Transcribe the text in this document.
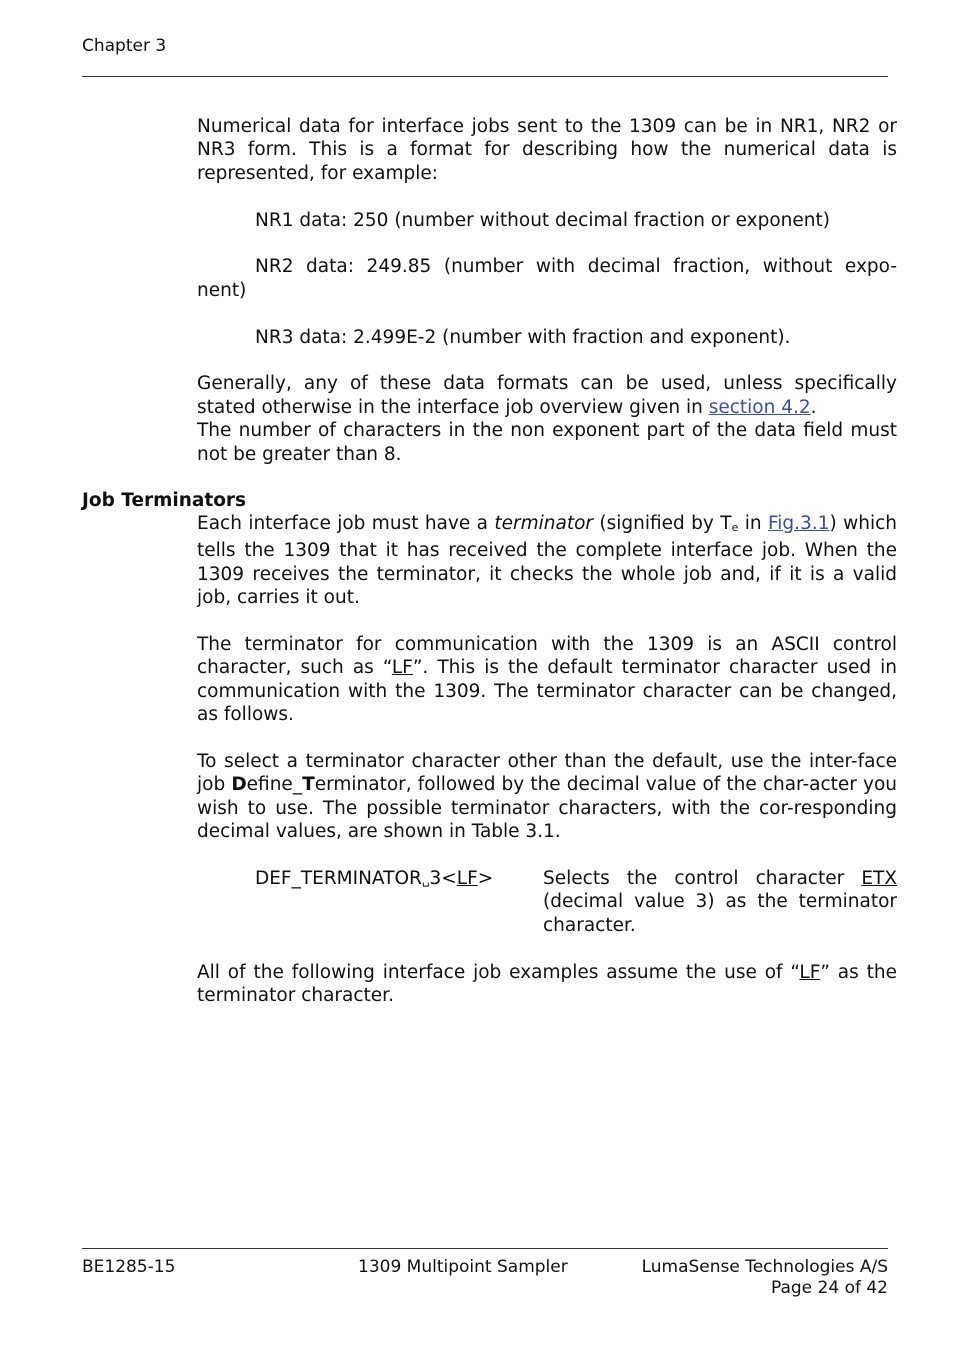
Chapter 3

Numerical data for interface jobs sent to the 1309 can be in NR1, NR2 or NR3 form. This is a format for describing how the numerical data is represented, for example:

NR1 data: 250 (number without decimal fraction or exponent)

NR2 data: 249.85 (number with decimal fraction, without expo-
nent)

NR3 data: 2.499E-2 (number with fraction and exponent).

Generally, any of these data formats can be used, unless specifically stated otherwise in the interface job overview given in section 4.2.

The number of characters in the non exponent part of the data field must not be greater than 8.

Job Terminators

Each interface job must have a terminator (signified by $T_e$ in Fig.3.1) which tells the 1309 that it has received the complete interface job. When the 1309 receives the terminator, it checks the whole job and, if it is a valid job, carries it out.

The terminator for communication with the 1309 is an ASCII control character, such as “LF”. This is the default terminator character used in communication with the 1309. The terminator character can be changed, as follows.

To select a terminator character other than the default, use the inter-face job Define_Terminator, followed by the decimal value of the char-acter you wish to use. The possible terminator characters, with the cor-responding decimal values, are shown in Table 3.1.

DEF_TERMINATOR␣3<LF>	Selects the control character ETX (decimal value 3) as the terminator character.

All of the following interface job examples assume the use of “LF” as the terminator character.

BE1285-15	1309 Multipoint Sampler	LumaSense Technologies A/S
Page 24 of 42
